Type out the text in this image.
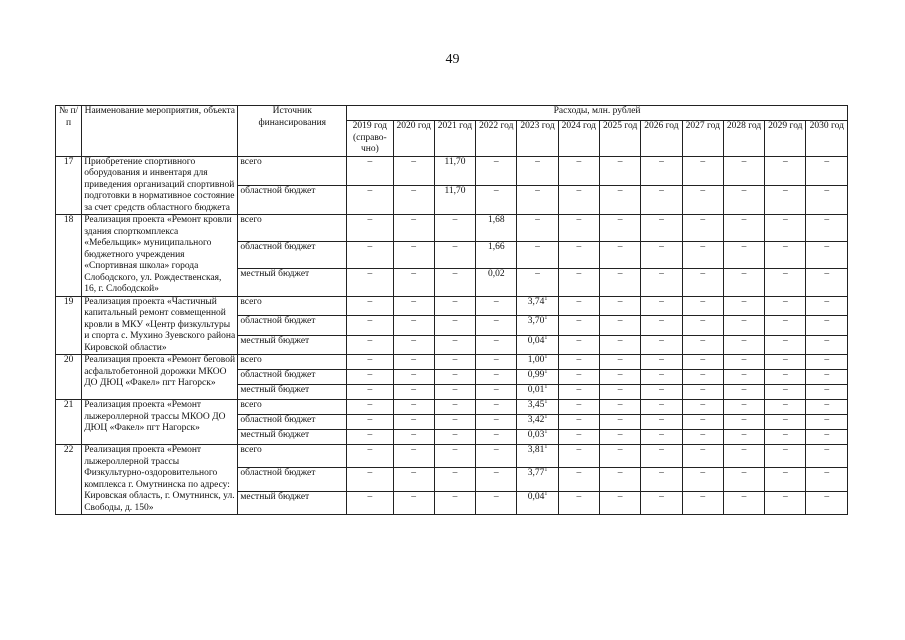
49
№ п/п	Наименование мероприятия, объекта	Источник финансирования	Расходы, млн. рублей											
			2019 год (справо-чно)	2020 год	2021 год	2022 год	2023 год	2024 год	2025 год	2026 год	2027 год	2028 год	2029 год	2030 год
17	Приобретение спортивного оборудования и инвентаря для приведения организаций спортивной подготовки в нормативное состояние за счет средств областного бюджета	всего	–	–	11,70	–	–	–	–	–	–	–	–	–
		областной бюджет	–	–	11,70	–	–	–	–	–	–	–	–	–
18	Реализация проекта «Ремонт кровли здания спорткомплекса «Мебельщик» муниципального бюджетного учреждения «Спортивная школа» города Слободского, ул. Рождественская, 16, г. Слободской»	всего	–	–	–	1,68	–	–	–	–	–	–	–	–
		областной бюджет	–	–	–	1,66	–	–	–	–	–	–	–	–
		местный бюджет	–	–	–	0,02	–	–	–	–	–	–	–	–
19	Реализация проекта «Частичный капитальный ремонт совмещенной кровли в МКУ «Центр физкультуры и спорта с. Мухино Зуевского района Кировской области»	всего	–	–	–	–	3,74$^1$	–	–	–	–	–	–	–
		областной бюджет	–	–	–	–	3,70$^1$	–	–	–	–	–	–	–
		местный бюджет	–	–	–	–	0,04$^1$	–	–	–	–	–	–	–
20	Реализация проекта «Ремонт беговой асфальтобетонной дорожки МКОО ДО ДЮЦ «Факел» пгт Нагорск»	всего	–	–	–	–	1,00$^1$	–	–	–	–	–	–	–
		областной бюджет	–	–	–	–	0,99$^1$	–	–	–	–	–	–	–
		местный бюджет	–	–	–	–	0,01$^1$	–	–	–	–	–	–	–
21	Реализация проекта «Ремонт лыжероллерной трассы МКОО ДО ДЮЦ «Факел» пгт Нагорск»	всего	–	–	–	–	3,45$^1$	–	–	–	–	–	–	–
		областной бюджет	–	–	–	–	3,42$^1$	–	–	–	–	–	–	–
		местный бюджет	–	–	–	–	0,03$^1$	–	–	–	–	–	–	–
22	Реализация проекта «Ремонт лыжероллерной трассы Физкультурно-оздоровительного комплекса г. Омутнинска по адресу: Кировская область, г. Омутнинск, ул. Свободы, д. 150»	всего	–	–	–	–	3,81$^1$	–	–	–	–	–	–	–
		областной бюджет	–	–	–	–	3,77$^1$	–	–	–	–	–	–	–
		местный бюджет	–	–	–	–	0,04$^1$	–	–	–	–	–	–	–
